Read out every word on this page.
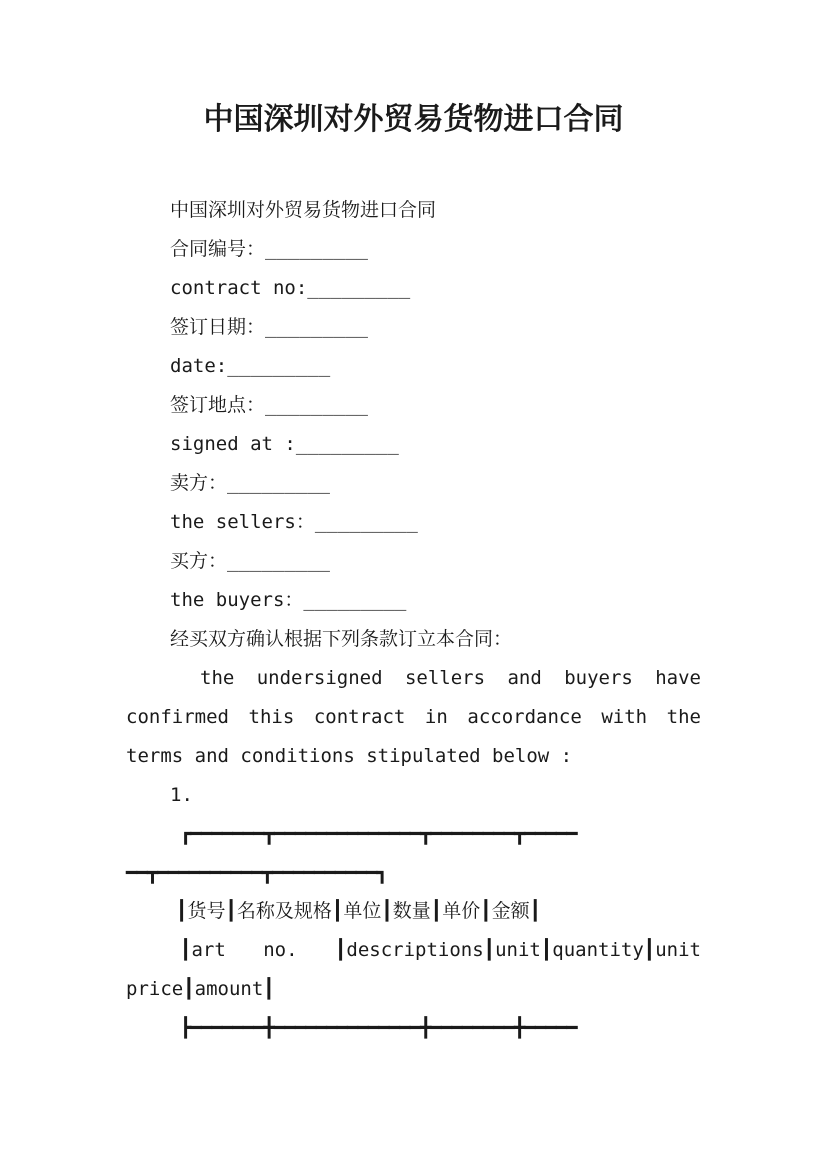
中国深圳对外贸易货物进口合同
中国深圳对外贸易货物进口合同
合同编号：_________
contract no:_________
签订日期：_________
date:_________
签订地点：_________
signed at :_________
卖方：_________
the sellers：_________
买方：_________
the buyers：_________
经买双方确认根据下列条款订立本合同：
the undersigned sellers and buyers have
confirmed this contract in accordance with the
terms and conditions stipulated below :
1.
┏━━━━━━━┳━━━━━━━━━━━━━━┳━━━━━━━━┳━━━━━
━━┳━━━━━━━━━━┳━━━━━━━━━━┓
┃货号┃名称及规格┃单位┃数量┃单价┃金额┃
┃art no. ┃descriptions┃unit┃quantity┃unit
price┃amount┃
┣━━━━━━━╋━━━━━━━━━━━━━━╋━━━━━━━━╋━━━━━
